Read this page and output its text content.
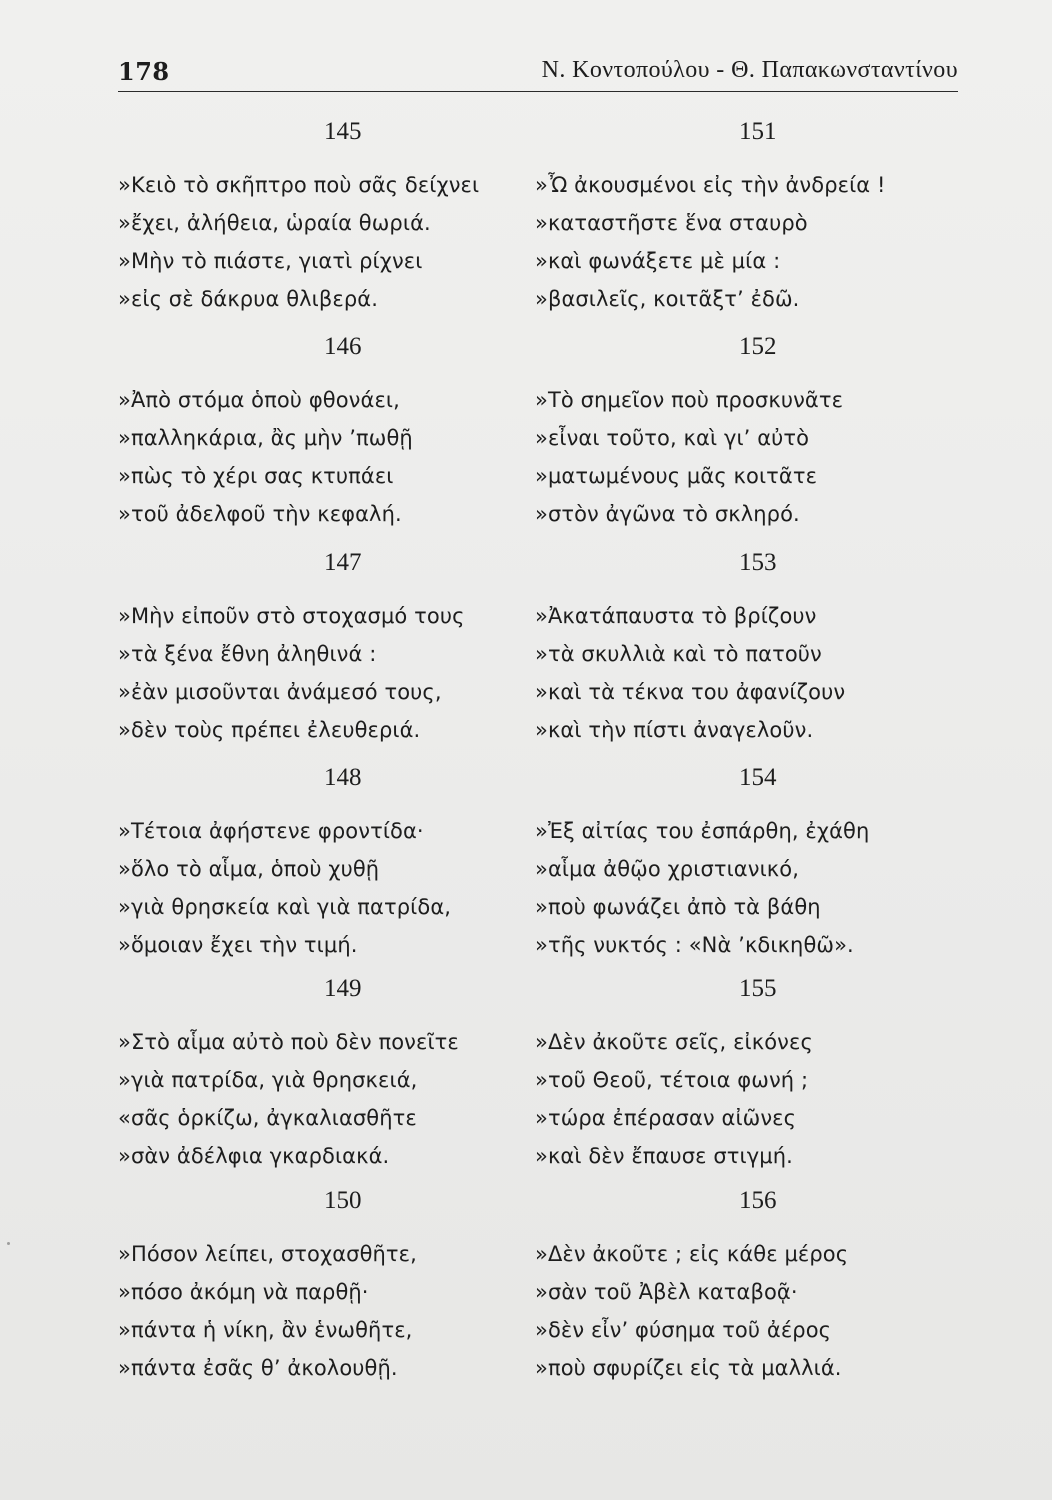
178	Ν. Κοντοπούλου - Θ. Παπακωνσταντίνου
145
»Κειὸ τὸ σκῆπτρο ποὺ σᾶς δείχνει
»ἔχει, ἀλήθεια, ὡραία θωριά.
»Μὴν τὸ πιάστε, γιατὶ ρίχνει
»εἰς σὲ δάκρυα θλιβερά.
146
»Ἀπὸ στόμα ὁποὺ φθονάει,
»παλληκάρια, ἂς μὴν ’πωθῇ
»πὼς τὸ χέρι σας κτυπάει
»τοῦ ἀδελφοῦ τὴν κεφαλή.
147
»Μὴν εἰποῦν στὸ στοχασμό τους
»τὰ ξένα ἔθνη ἀληθινά :
»ἐὰν μισοῦνται ἀνάμεσό τους,
»δὲν τοὺς πρέπει ἐλευθεριά.
148
»Τέτοια ἀφήστενε φροντίδα·
»ὅλο τὸ αἷμα, ὁποὺ χυθῇ
»γιὰ θρησκεία καὶ γιὰ πατρίδα,
»ὅμοιαν ἔχει τὴν τιμή.
149
»Στὸ αἷμα αὐτὸ ποὺ δὲν πονεῖτε
»γιὰ πατρίδα, γιὰ θρησκειά,
«σᾶς ὁρκίζω, ἀγκαλιασθῆτε
»σὰν ἀδέλφια γκαρδιακά.
150
»Πόσον λείπει, στοχασθῆτε,
»πόσο ἀκόμη νὰ παρθῇ·
»πάντα ἡ νίκη, ἂν ἑνωθῆτε,
»πάντα ἐσᾶς θ’ ἀκολουθῇ.
151
»Ὦ ἀκουσμένοι εἰς τὴν ἀνδρεία !
»καταστῆστε ἕνα σταυρὸ
»καὶ φωνάξετε μὲ μία :
»βασιλεῖς, κοιτᾶξτ’ ἐδῶ.
152
»Τὸ σημεῖον ποὺ προσκυνᾶτε
»εἶναι τοῦτο, καὶ γι’ αὐτὸ
»ματωμένους μᾶς κοιτᾶτε
»στὸν ἀγῶνα τὸ σκληρό.
153
»Ἀκατάπαυστα τὸ βρίζουν
»τὰ σκυλλιὰ καὶ τὸ πατοῦν
»καὶ τὰ τέκνα του ἀφανίζουν
»καὶ τὴν πίστι ἀναγελοῦν.
154
»Ἐξ αἰτίας του ἐσπάρθη, ἐχάθη
»αἷμα ἀθῷο χριστιανικό,
»ποὺ φωνάζει ἀπὸ τὰ βάθη
»τῆς νυκτός : «Νὰ ’κδικηθῶ».
155
»Δὲν ἀκοῦτε σεῖς, εἰκόνες
»τοῦ Θεοῦ, τέτοια φωνή ;
»τώρα ἐπέρασαν αἰῶνες
»καὶ δὲν ἔπαυσε στιγμή.
156
»Δὲν ἀκοῦτε ; εἰς κάθε μέρος
»σὰν τοῦ Ἀβὲλ καταβοᾷ·
»δὲν εἶν’ φύσημα τοῦ ἀέρος
»ποὺ σφυρίζει εἰς τὰ μαλλιά.
